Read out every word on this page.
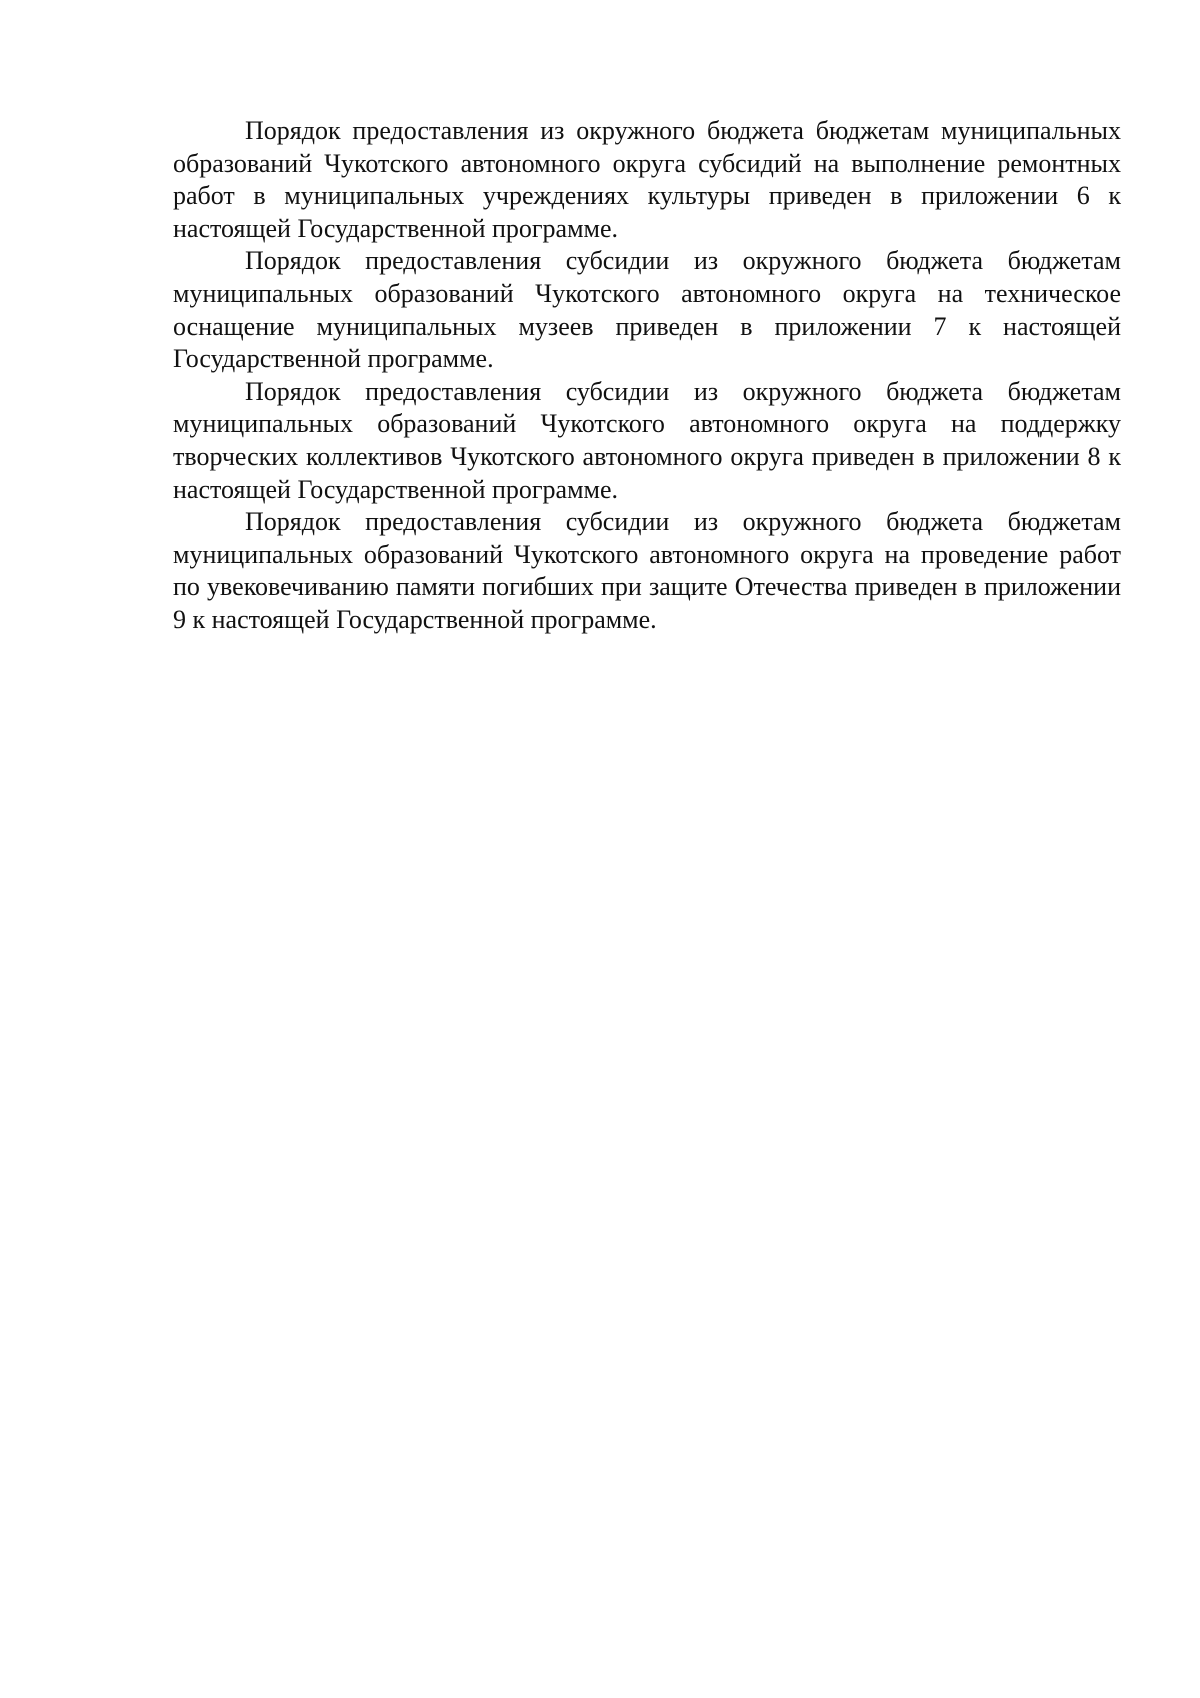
Порядок предоставления из окружного бюджета бюджетам муниципальных образований Чукотского автономного округа субсидий на выполнение ремонтных работ в муниципальных учреждениях культуры приведен в приложении 6 к настоящей Государственной программе.

Порядок предоставления субсидии из окружного бюджета бюджетам муниципальных образований Чукотского автономного округа на техническое оснащение муниципальных музеев приведен в приложении 7 к настоящей Государственной программе.

Порядок предоставления субсидии из окружного бюджета бюджетам муниципальных образований Чукотского автономного округа на поддержку творческих коллективов Чукотского автономного округа приведен в приложении 8 к настоящей Государственной программе.

Порядок предоставления субсидии из окружного бюджета бюджетам муниципальных образований Чукотского автономного округа на проведение работ по увековечиванию памяти погибших при защите Отечества приведен в приложении 9 к настоящей Государственной программе.
